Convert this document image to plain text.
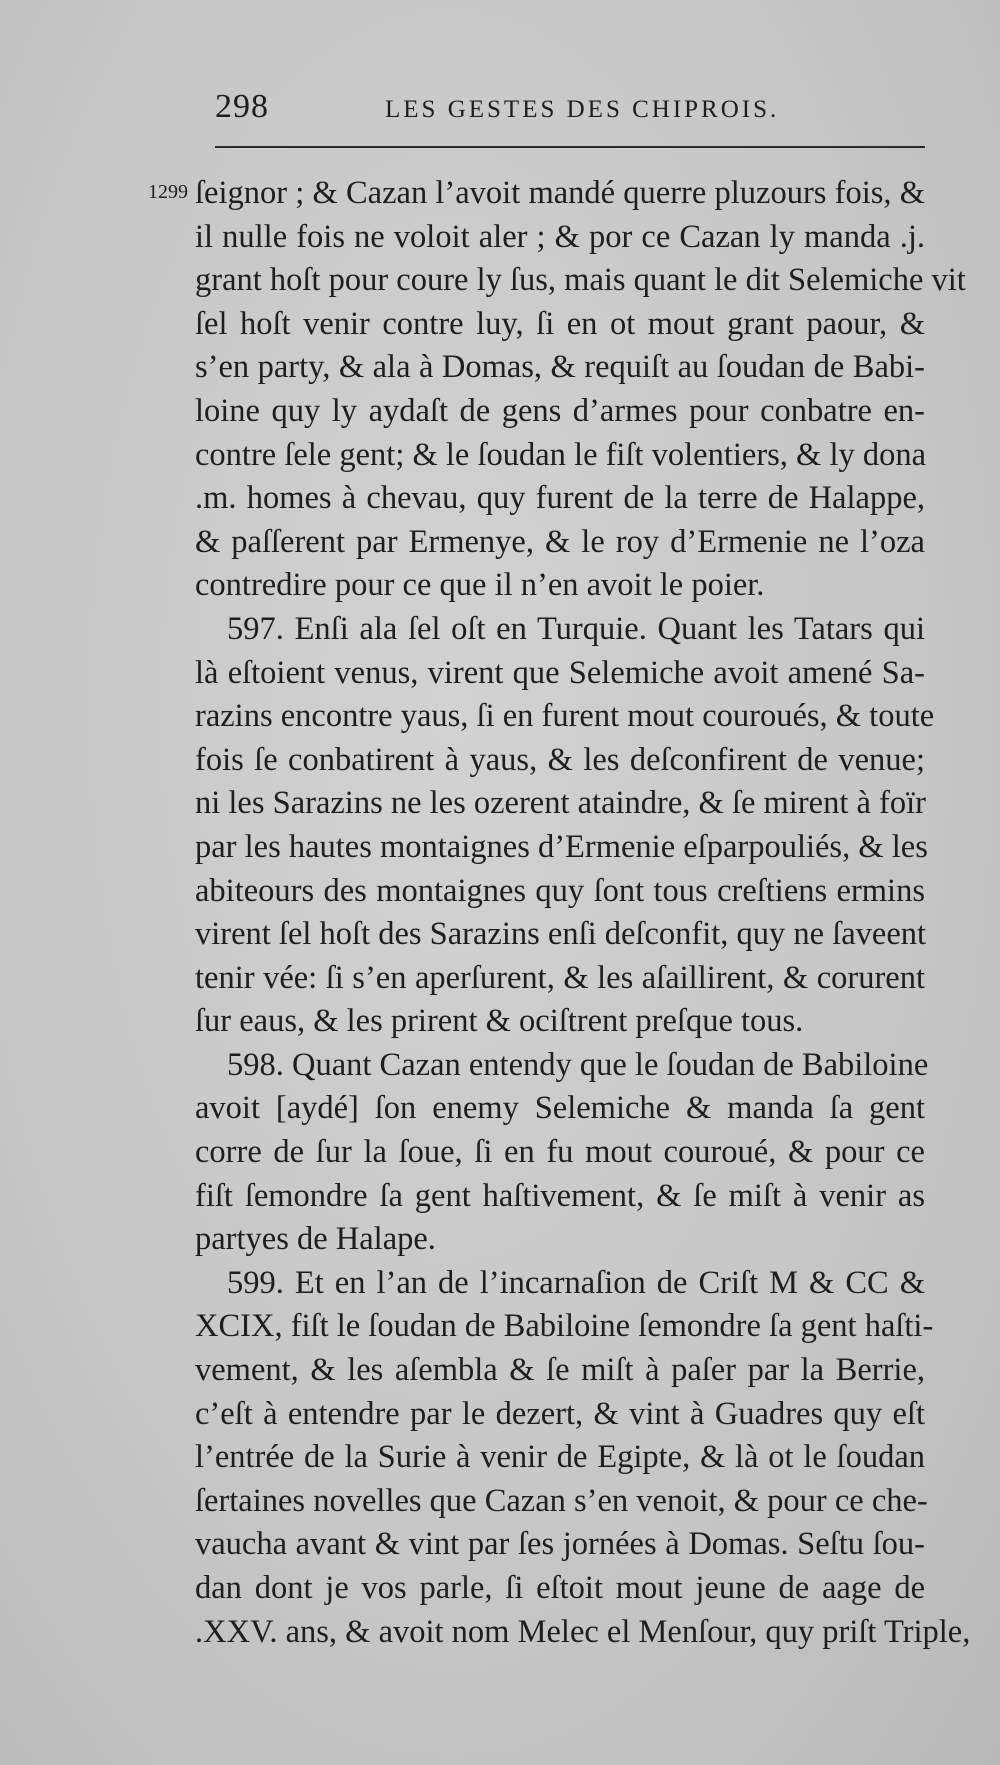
298	LES GESTES DES CHIPROIS.
1299 ſeignor ; & Cazan l’avoit mandé querre pluzours fois, &
il nulle fois ne voloit aler ; & por ce Cazan ly manda .j.
grant hoſt pour coure ly ſus, mais quant le dit Selemiche vit
ſel hoſt venir contre luy, ſi en ot mout grant paour, &
s’en party, & ala à Domas, & requiſt au ſoudan de Babi-
loine quy ly aydaſt de gens d’armes pour conbatre en-
contre ſele gent; & le ſoudan le fiſt volentiers, & ly dona
.m. homes à chevau, quy furent de la terre de Halappe,
& paſſerent par Ermenye, & le roy d’Ermenie ne l’oza
contredire pour ce que il n’en avoit le poier.
597. Enſi ala ſel oſt en Turquie. Quant les Tatars qui
là eſtoient venus, virent que Selemiche avoit amené Sa-
razins encontre yaus, ſi en furent mout couroués, & toute
fois ſe conbatirent à yaus, & les deſconfirent de venue;
ni les Sarazins ne les ozerent ataindre, & ſe mirent à foïr
par les hautes montaignes d’Ermenie eſparpouliés, & les
abiteours des montaignes quy ſont tous creſtiens ermins
virent ſel hoſt des Sarazins enſi deſconfit, quy ne ſaveent
tenir vée: ſi s’en aperſurent, & les aſaillirent, & corurent
ſur eaus, & les prirent & ociſtrent preſque tous.
598. Quant Cazan entendy que le ſoudan de Babiloine
avoit [aydé] ſon enemy Selemiche & manda ſa gent
corre de ſur la ſoue, ſi en fu mout couroué, & pour ce
fiſt ſemondre ſa gent haſtivement, & ſe miſt à venir as
partyes de Halape.
599. Et en l’an de l’incarnaſion de Criſt M & CC &
XCIX, fiſt le ſoudan de Babiloine ſemondre ſa gent haſti-
vement, & les aſembla & ſe miſt à paſer par la Berrie,
c’eſt à entendre par le dezert, & vint à Guadres quy eſt
l’entrée de la Surie à venir de Egipte, & là ot le ſoudan
ſertaines novelles que Cazan s’en venoit, & pour ce che-
vaucha avant & vint par ſes jornées à Domas. Seſtu ſou-
dan dont je vos parle, ſi eſtoit mout jeune de aage de
.XXV. ans, & avoit nom Melec el Menſour, quy priſt Triple,
